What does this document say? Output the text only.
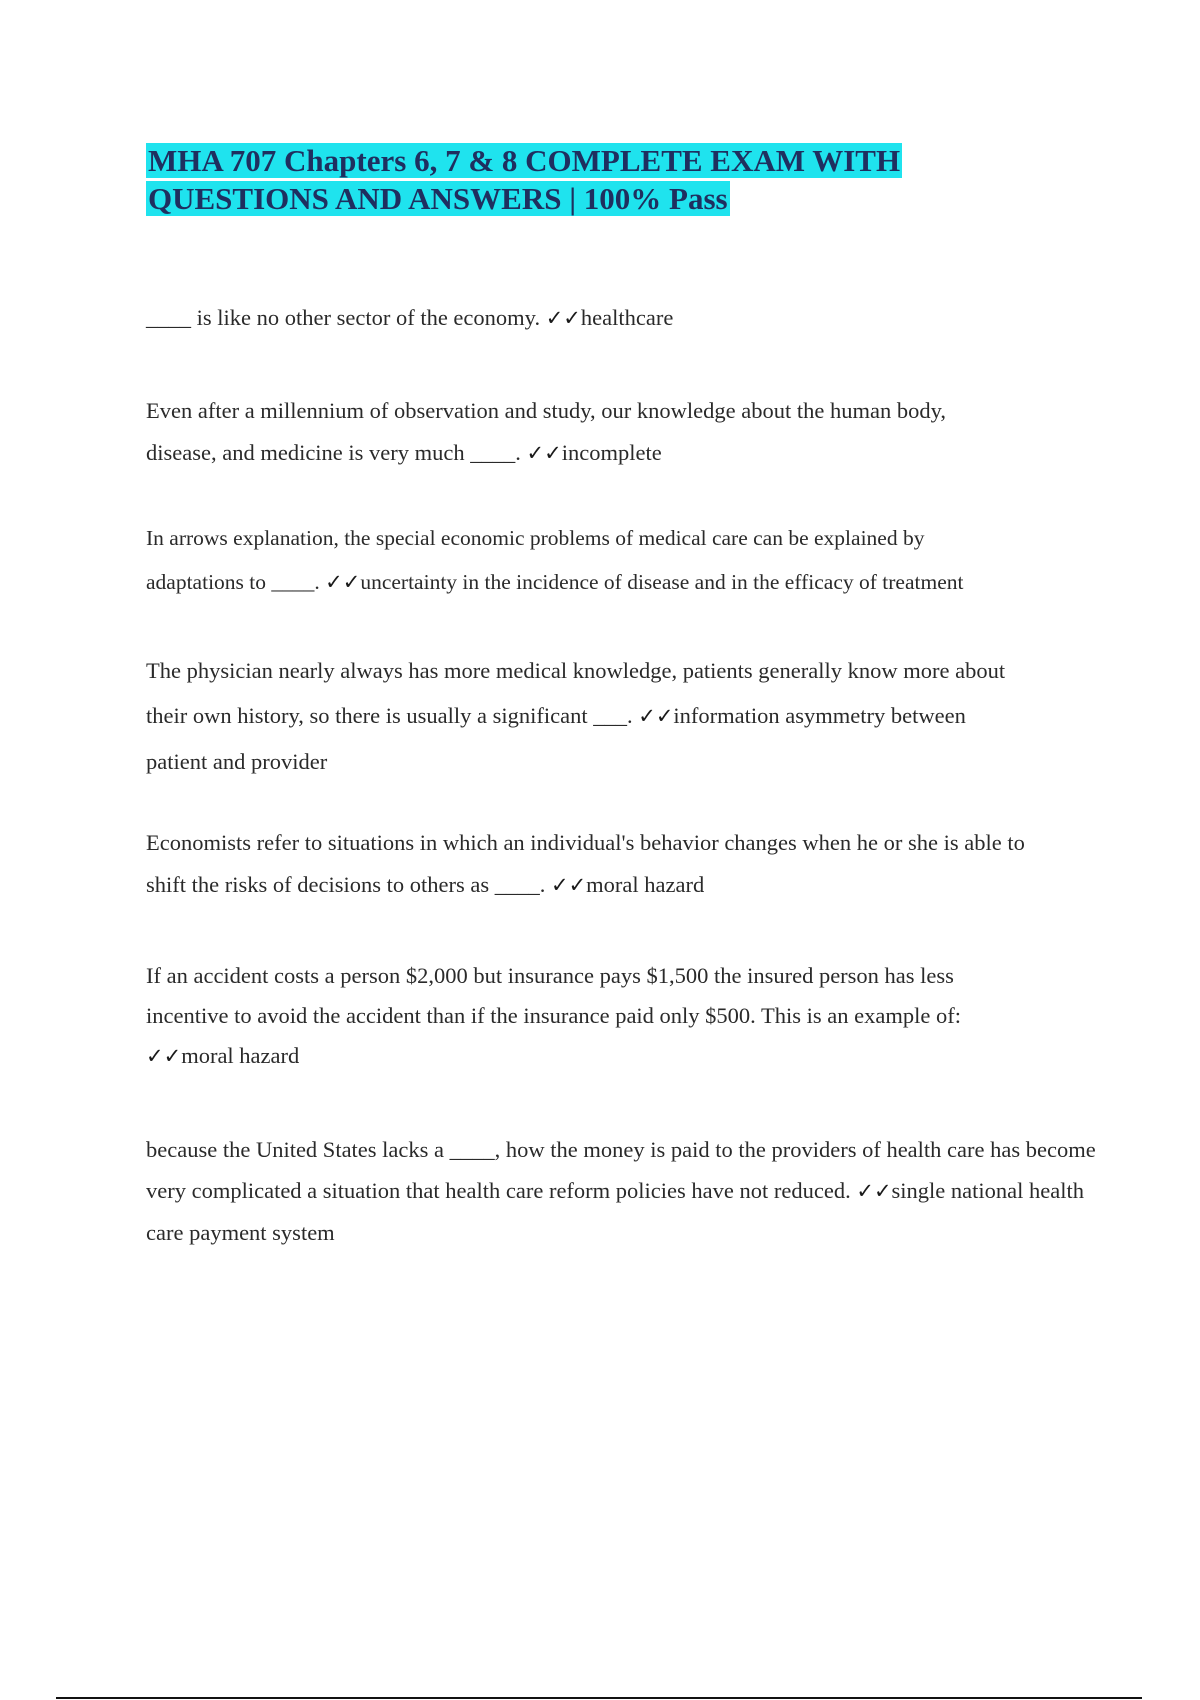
MHA 707 Chapters 6, 7 & 8 COMPLETE EXAM WITH QUESTIONS AND ANSWERS | 100% Pass
____ is like no other sector of the economy. ✓✓healthcare
Even after a millennium of observation and study, our knowledge about the human body, disease, and medicine is very much ____. ✓✓incomplete
In arrows explanation, the special economic problems of medical care can be explained by adaptations to ____. ✓✓uncertainty in the incidence of disease and in the efficacy of treatment
The physician nearly always has more medical knowledge, patients generally know more about their own history, so there is usually a significant ___. ✓✓information asymmetry between patient and provider
Economists refer to situations in which an individual's behavior changes when he or she is able to shift the risks of decisions to others as ____. ✓✓moral hazard
If an accident costs a person $2,000 but insurance pays $1,500 the insured person has less incentive to avoid the accident than if the insurance paid only $500. This is an example of: ✓✓moral hazard
because the United States lacks a ____, how the money is paid to the providers of health care has become very complicated a situation that health care reform policies have not reduced. ✓✓single national health care payment system
